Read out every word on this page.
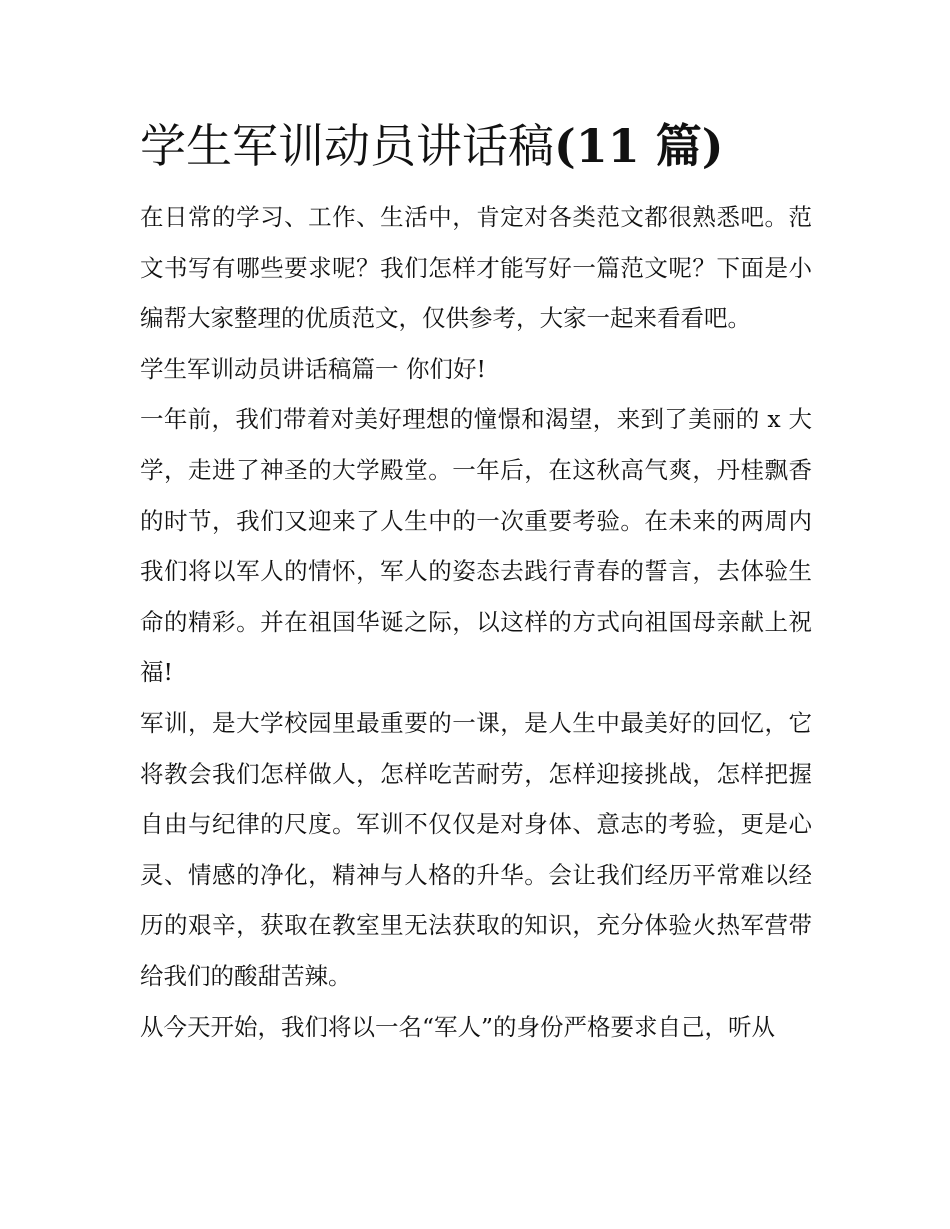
学生军训动员讲话稿(11 篇)

在日常的学习、工作、生活中，肯定对各类范文都很熟悉吧。范文书写有哪些要求呢？我们怎样才能写好一篇范文呢？下面是小编帮大家整理的优质范文，仅供参考，大家一起来看看吧。

学生军训动员讲话稿篇一 你们好!

一年前，我们带着对美好理想的憧憬和渴望，来到了美丽的 x 大学，走进了神圣的大学殿堂。一年后，在这秋高气爽，丹桂飘香的时节，我们又迎来了人生中的一次重要考验。在未来的两周内我们将以军人的情怀，军人的姿态去践行青春的誓言，去体验生命的精彩。并在祖国华诞之际，以这样的方式向祖国母亲献上祝福!

军训，是大学校园里最重要的一课，是人生中最美好的回忆，它将教会我们怎样做人，怎样吃苦耐劳，怎样迎接挑战，怎样把握自由与纪律的尺度。军训不仅仅是对身体、意志的考验，更是心灵、情感的净化，精神与人格的升华。会让我们经历平常难以经历的艰辛，获取在教室里无法获取的知识，充分体验火热军营带给我们的酸甜苦辣。

从今天开始，我们将以一名“军人”的身份严格要求自己，听从
